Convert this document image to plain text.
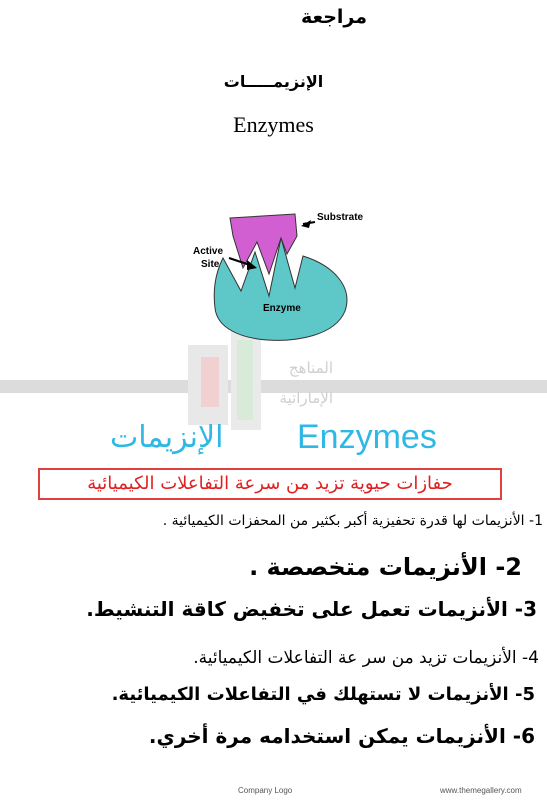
المناهج
الإماراتية
مراجعة
الإنزيمـــــات
Enzymes
Substrate
Active
Site
Enzyme
Enzymes
الإنزيمات
حفازات حيوية تزيد من سرعة التفاعلات الكيميائية
1- الأنزيمات لها قدرة تحفيزية أكبر بكثير من المحفزات الكيميائية .
2- الأنزيمات متخصصة .
3- الأنزيمات تعمل على تخفيض كاقة التنشيط.
4- الأنزيمات تزيد من سر عة التفاعلات الكيميائية.
5- الأنزيمات لا تستهلك في التفاعلات الكيميائية.
6- الأنزيمات يمكن استخدامه مرة أخري.
Company Logo	www.themegallery.com
